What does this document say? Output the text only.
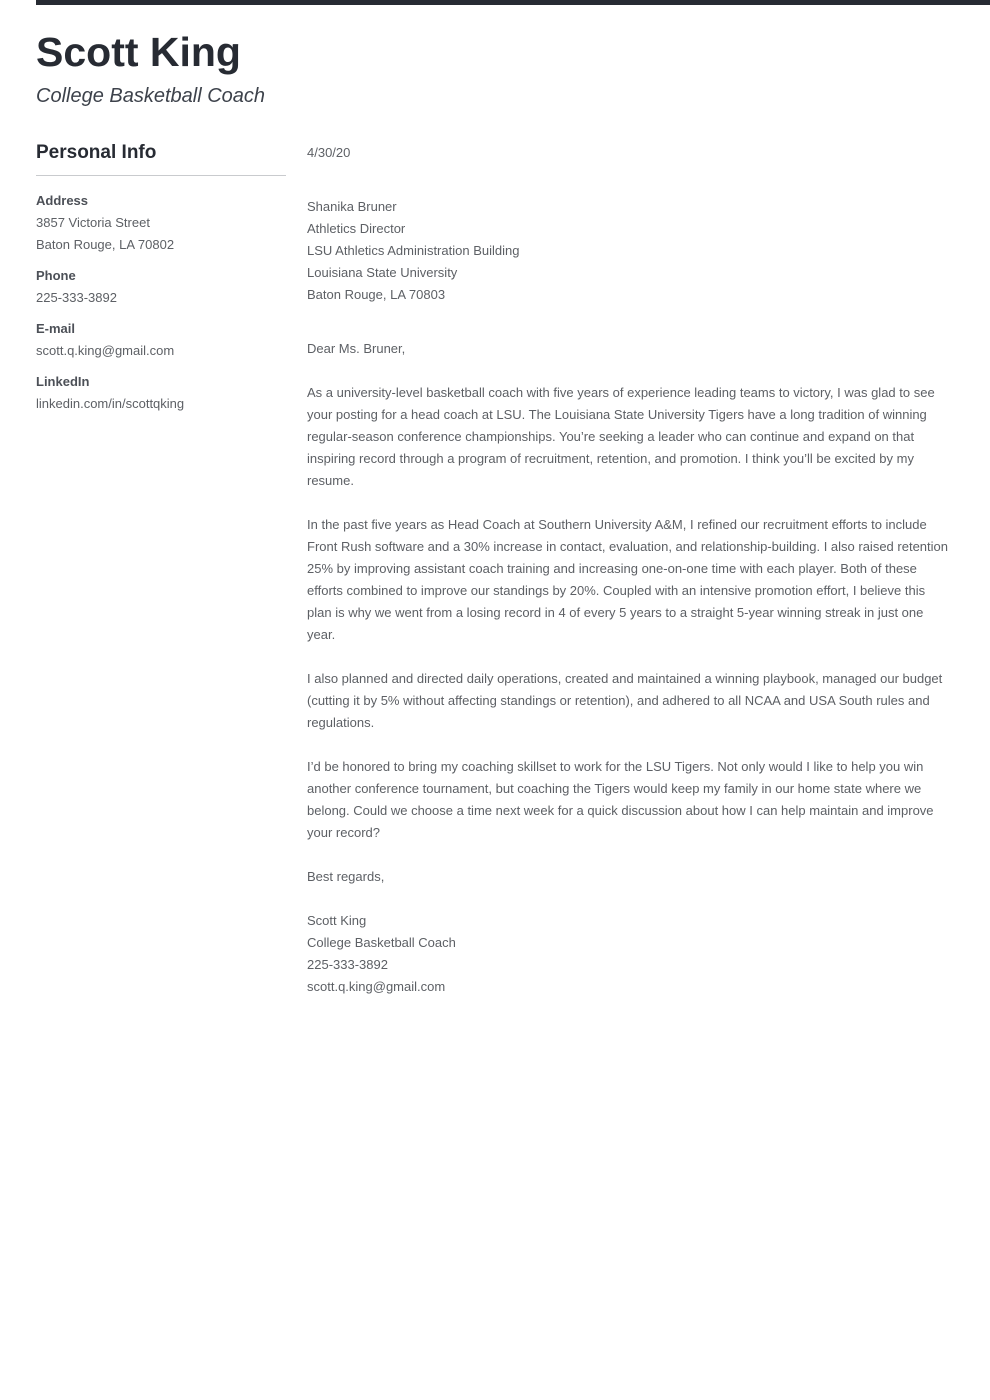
Scott King
College Basketball Coach
Personal Info
Address
3857 Victoria Street
Baton Rouge, LA 70802
Phone
225-333-3892
E-mail
scott.q.king@gmail.com
LinkedIn
linkedin.com/in/scottqking
4/30/20
Shanika Bruner
Athletics Director
LSU Athletics Administration Building
Louisiana State University
Baton Rouge, LA 70803
Dear Ms. Bruner,
As a university-level basketball coach with five years of experience leading teams to victory, I was glad to see your posting for a head coach at LSU. The Louisiana State University Tigers have a long tradition of winning regular-season conference championships. You’re seeking a leader who can continue and expand on that inspiring record through a program of recruitment, retention, and promotion. I think you’ll be excited by my resume.
In the past five years as Head Coach at Southern University A&M, I refined our recruitment efforts to include Front Rush software and a 30% increase in contact, evaluation, and relationship-building. I also raised retention 25% by improving assistant coach training and increasing one-on-one time with each player. Both of these efforts combined to improve our standings by 20%. Coupled with an intensive promotion effort, I believe this plan is why we went from a losing record in 4 of every 5 years to a straight 5-year winning streak in just one year.
I also planned and directed daily operations, created and maintained a winning playbook, managed our budget (cutting it by 5% without affecting standings or retention), and adhered to all NCAA and USA South rules and regulations.
I’d be honored to bring my coaching skillset to work for the LSU Tigers. Not only would I like to help you win another conference tournament, but coaching the Tigers would keep my family in our home state where we belong. Could we choose a time next week for a quick discussion about how I can help maintain and improve your record?
Best regards,
Scott King
College Basketball Coach
225-333-3892
scott.q.king@gmail.com
